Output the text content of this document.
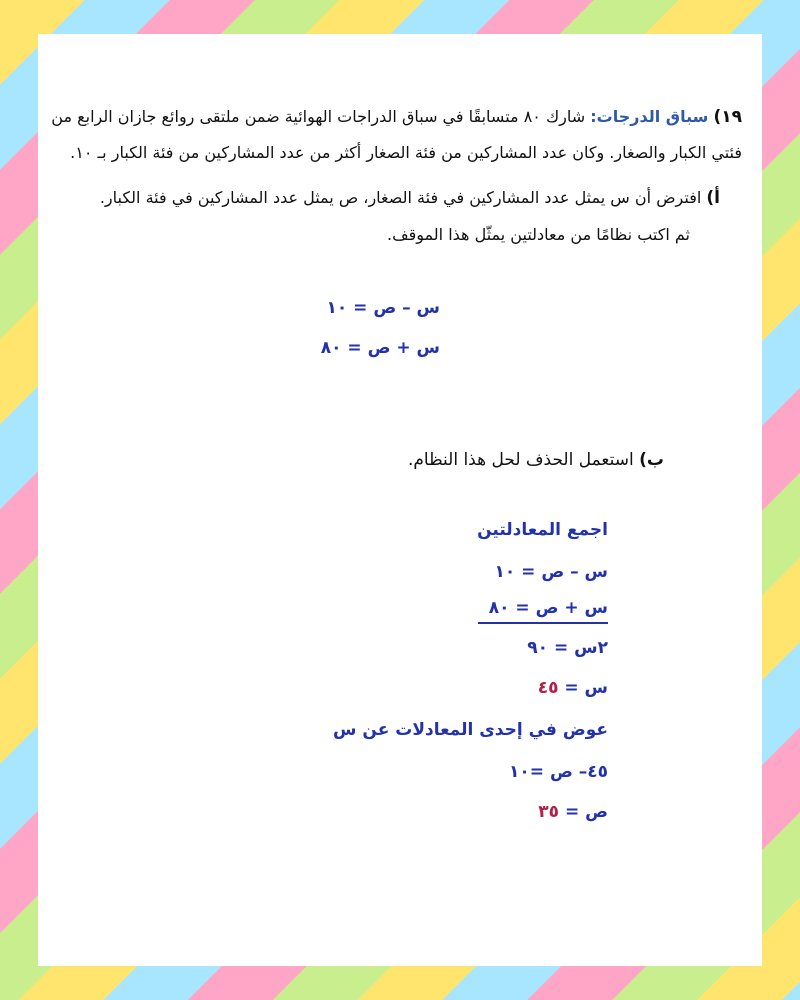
١٩) سباق الدرجات: شارك ٨٠ متسابقًا في سباق الدراجات الهوائية ضمن ملتقى روائع جازان الرابع من
فئتي الكبار والصغار. وكان عدد المشاركين من فئة الصغار أكثر من عدد المشاركين من فئة الكبار بـ ١٠.
أ) افترض أن س يمثل عدد المشاركين في فئة الصغار، ص يمثل عدد المشاركين في فئة الكبار.
ثم اكتب نظامًا من معادلتين يمثّل هذا الموقف.
س – ص = ١٠
س + ص = ٨٠
ب) استعمل الحذف لحل هذا النظام.
اجمع المعادلتين
س – ص = ١٠
س + ص = ٨٠
٢س = ٩٠
س = ٤٥
عوض في إحدى المعادلات عن س
٤٥– ص =١٠
ص = ٣٥
